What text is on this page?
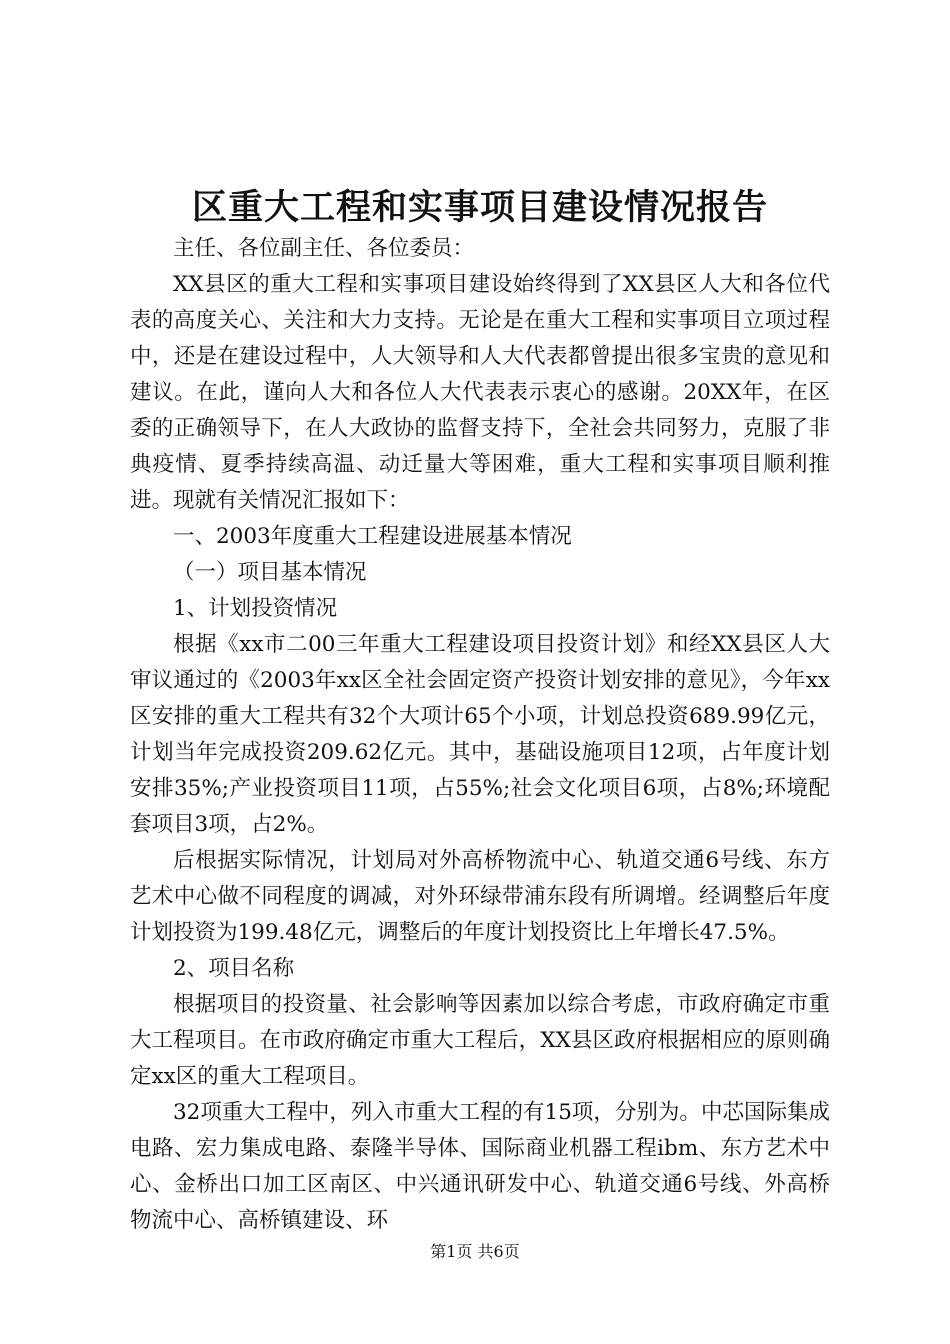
区重大工程和实事项目建设情况报告

主任、各位副主任、各位委员：

XX县区的重大工程和实事项目建设始终得到了XX县区人大和各位代表的高度关心、关注和大力支持。无论是在重大工程和实事项目立项过程中，还是在建设过程中，人大领导和人大代表都曾提出很多宝贵的意见和建议。在此，谨向人大和各位人大代表表示衷心的感谢。20XX年，在区委的正确领导下，在人大政协的监督支持下，全社会共同努力，克服了非典疫情、夏季持续高温、动迁量大等困难，重大工程和实事项目顺利推进。现就有关情况汇报如下：

一、2003年度重大工程建设进展基本情况

（一）项目基本情况

1、计划投资情况

根据《xx市二00三年重大工程建设项目投资计划》和经XX县区人大审议通过的《2003年xx区全社会固定资产投资计划安排的意见》，今年xx区安排的重大工程共有32个大项计65个小项，计划总投资689.99亿元，计划当年完成投资209.62亿元。其中，基础设施项目12项，占年度计划安排35%;产业投资项目11项，占55%;社会文化项目6项，占8%;环境配套项目3项，占2%。

后根据实际情况，计划局对外高桥物流中心、轨道交通6号线、东方艺术中心做不同程度的调减，对外环绿带浦东段有所调增。经调整后年度计划投资为199.48亿元，调整后的年度计划投资比上年增长47.5%。

2、项目名称

根据项目的投资量、社会影响等因素加以综合考虑，市政府确定市重大工程项目。在市政府确定市重大工程后，XX县区政府根据相应的原则确定xx区的重大工程项目。

32项重大工程中，列入市重大工程的有15项，分别为。中芯国际集成电路、宏力集成电路、泰隆半导体、国际商业机器工程ibm、东方艺术中心、金桥出口加工区南区、中兴通讯研发中心、轨道交通6号线、外高桥物流中心、高桥镇建设、环

第1页 共6页
